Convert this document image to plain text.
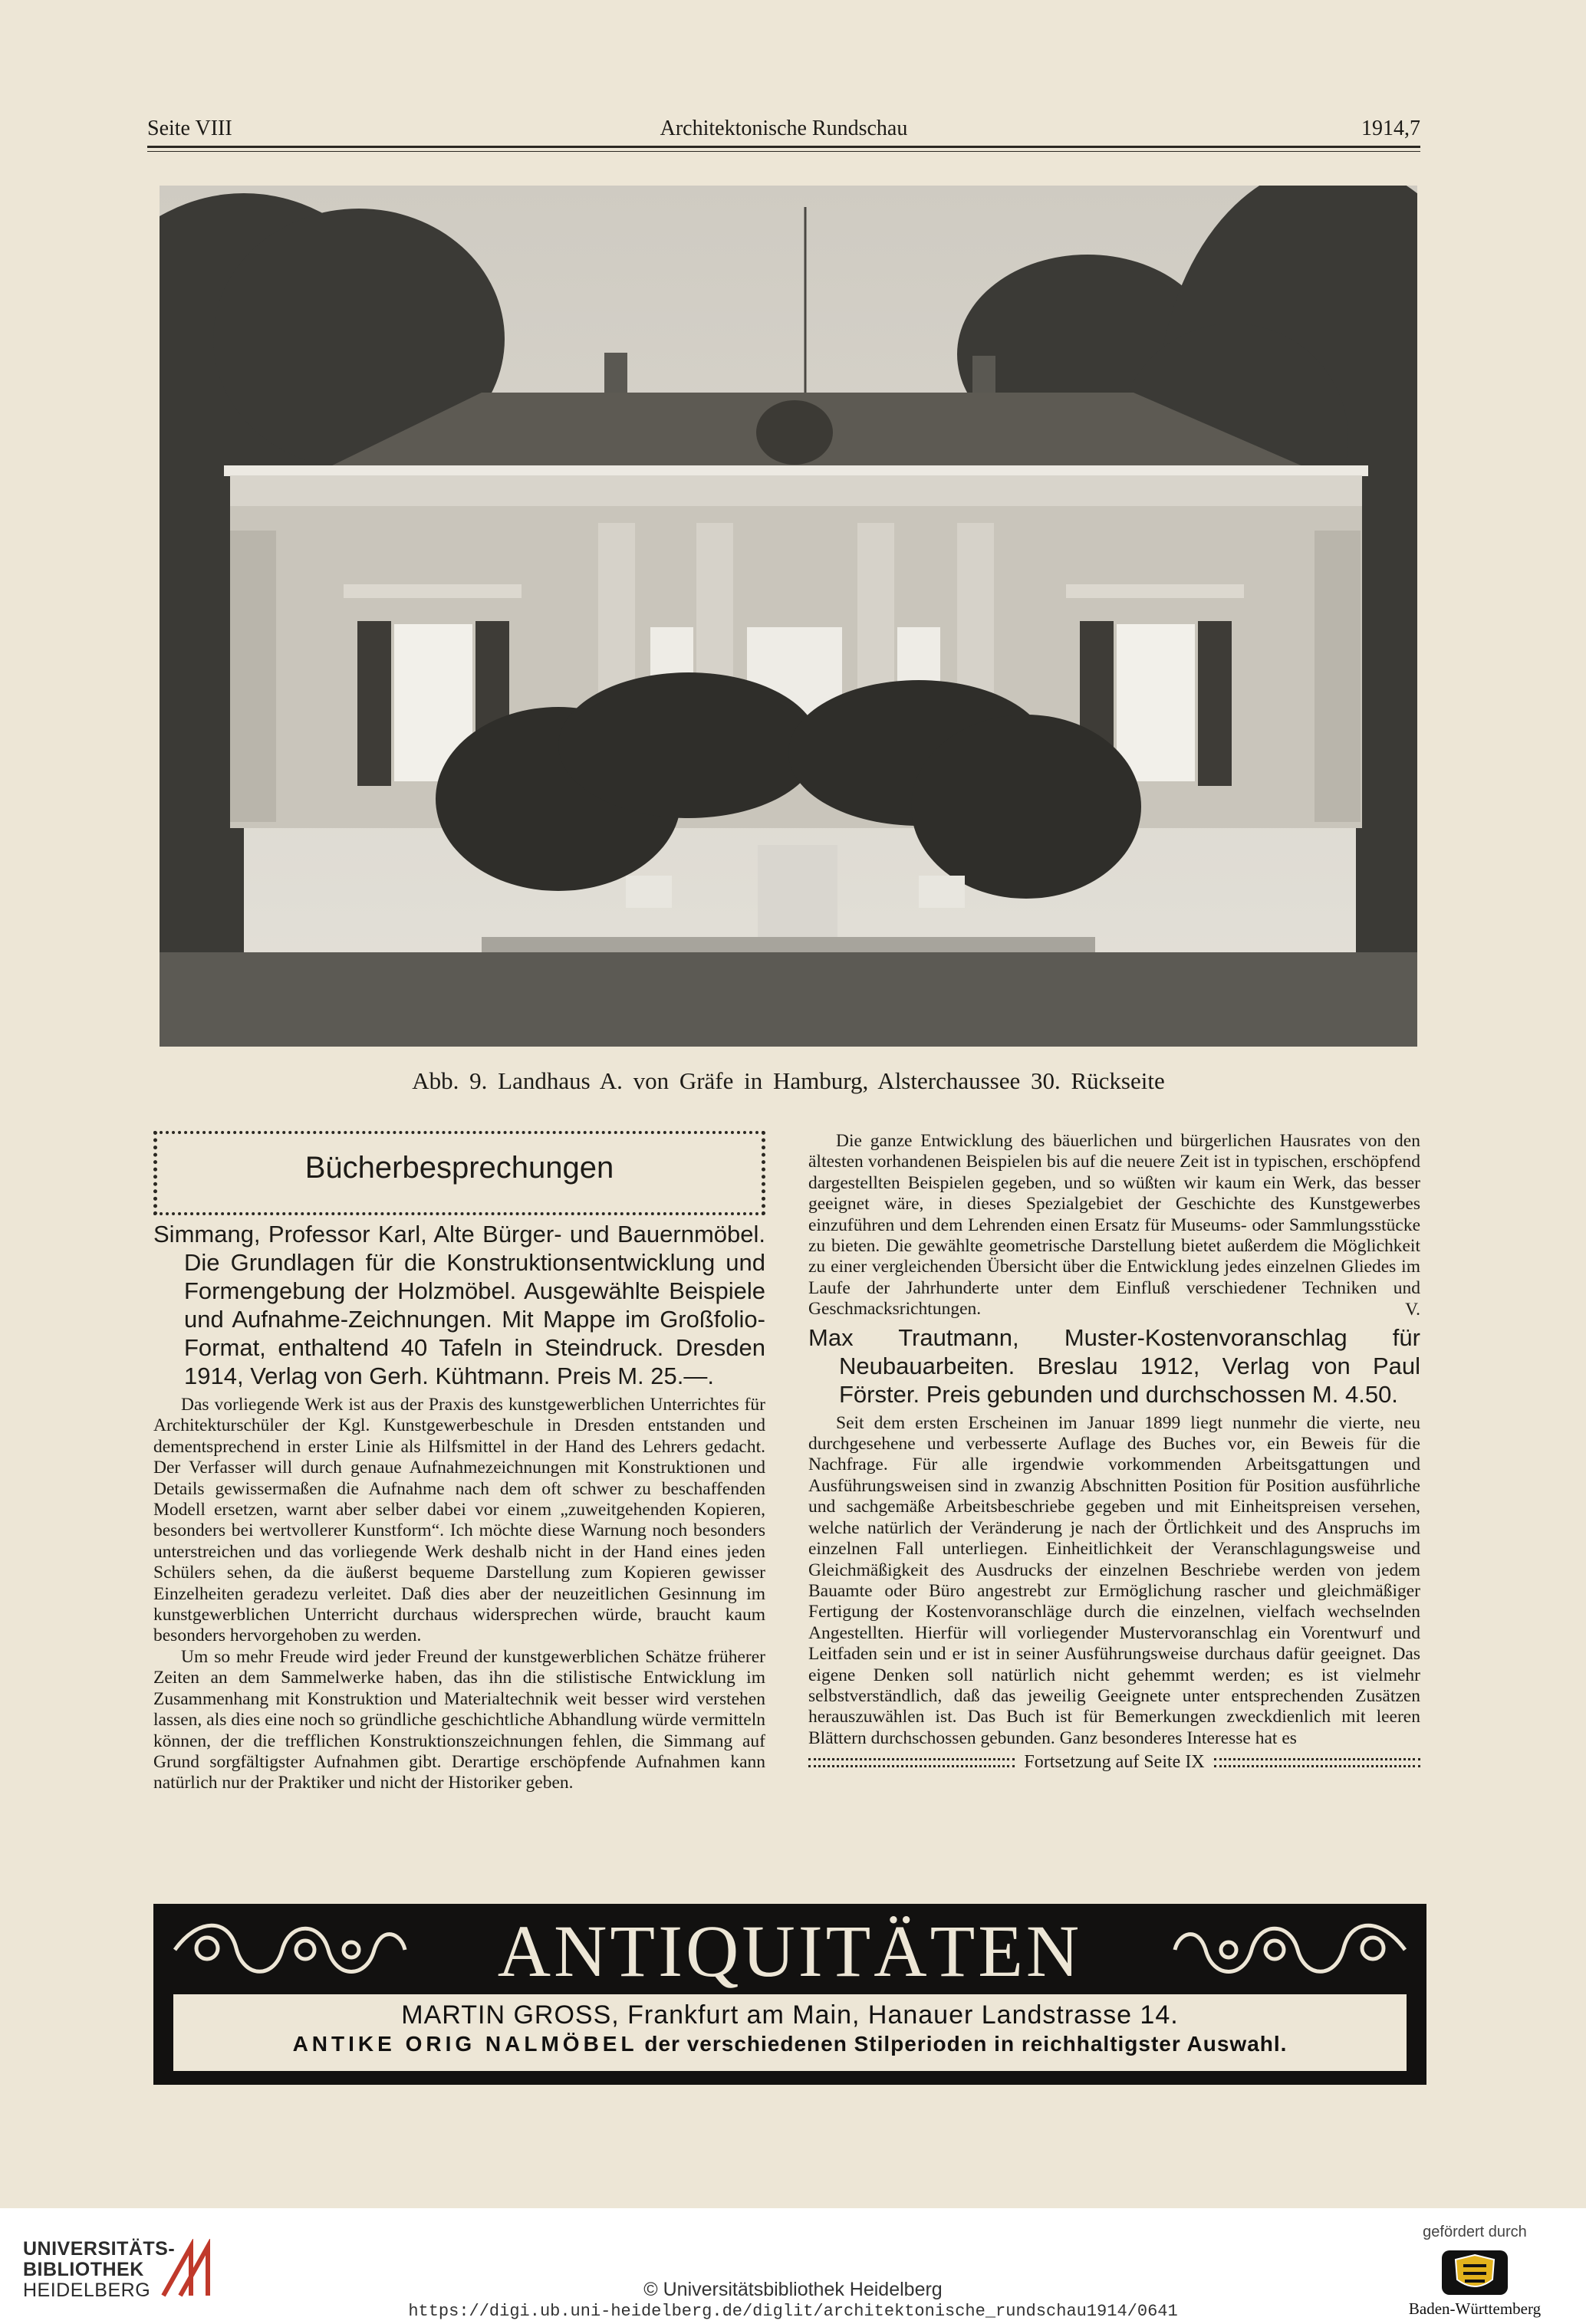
Architektonische Rundschau
Seite VIII	1914,7
Abb. 9. Landhaus A. von Gräfe in Hamburg, Alsterchaussee 30. Rückseite
Bücherbesprechungen
Simmang, Professor Karl, Alte Bürger- und Bauernmöbel. Die Grundlagen für die Konstruktionsentwicklung und Formengebung der Holzmöbel. Ausgewählte Beispiele und Aufnahme-Zeichnungen. Mit Mappe im Großfolio-Format, enthaltend 40 Tafeln in Steindruck. Dresden 1914, Verlag von Gerh. Kühtmann. Preis M. 25.—.

Das vorliegende Werk ist aus der Praxis des kunstgewerblichen Unterrichtes für Architekturschüler der Kgl. Kunstgewerbeschule in Dresden entstanden und dementsprechend in erster Linie als Hilfsmittel in der Hand des Lehrers gedacht. Der Verfasser will durch genaue Aufnahmezeichnungen mit Konstruktionen und Details gewissermaßen die Aufnahme nach dem oft schwer zu beschaffenden Modell ersetzen, warnt aber selber dabei vor einem „zuweitgehenden Kopieren, besonders bei wertvollerer Kunstform“. Ich möchte diese Warnung noch besonders unterstreichen und das vorliegende Werk deshalb nicht in der Hand eines jeden Schülers sehen, da die äußerst bequeme Darstellung zum Kopieren gewisser Einzelheiten geradezu verleitet. Daß dies aber der neuzeitlichen Gesinnung im kunstgewerblichen Unterricht durchaus widersprechen würde, braucht kaum besonders hervorgehoben zu werden.

Um so mehr Freude wird jeder Freund der kunstgewerblichen Schätze früherer Zeiten an dem Sammelwerke haben, das ihn die stilistische Entwicklung im Zusammenhang mit Konstruktion und Materialtechnik weit besser wird verstehen lassen, als dies eine noch so gründliche geschichtliche Abhandlung würde vermitteln können, der die trefflichen Konstruktionszeichnungen fehlen, die Simmang auf Grund sorgfältigster Aufnahmen gibt. Derartige erschöpfende Aufnahmen kann natürlich nur der Praktiker und nicht der Historiker geben.

Die ganze Entwicklung des bäuerlichen und bürgerlichen Hausrates von den ältesten vorhandenen Beispielen bis auf die neuere Zeit ist in typischen, erschöpfend dargestellten Beispielen gegeben, und so wüßten wir kaum ein Werk, das besser geeignet wäre, in dieses Spezialgebiet der Geschichte des Kunstgewerbes einzuführen und dem Lehrenden einen Ersatz für Museums- oder Sammlungsstücke zu bieten. Die gewählte geometrische Darstellung bietet außerdem die Möglichkeit zu einer vergleichenden Übersicht über die Entwicklung jedes einzelnen Gliedes im Laufe der Jahrhunderte unter dem Einfluß verschiedener Techniken und Geschmacksrichtungen.	V.
Max Trautmann, Muster-Kostenvoranschlag für Neubauarbeiten. Breslau 1912, Verlag von Paul Förster. Preis gebunden und durchschossen M. 4.50.

Seit dem ersten Erscheinen im Januar 1899 liegt nunmehr die vierte, neu durchgesehene und verbesserte Auflage des Buches vor, ein Beweis für die Nachfrage. Für alle irgendwie vorkommenden Arbeitsgattungen und Ausführungsweisen sind in zwanzig Abschnitten Position für Position ausführliche und sachgemäße Arbeitsbeschriebe gegeben und mit Einheitspreisen versehen, welche natürlich der Veränderung je nach der Örtlichkeit und des Anspruchs im einzelnen Fall unterliegen. Einheitlichkeit der Veranschlagungsweise und Gleichmäßigkeit des Ausdrucks der einzelnen Beschriebe werden von jedem Bauamte oder Büro angestrebt zur Ermöglichung rascher und gleichmäßiger Fertigung der Kostenvoranschläge durch die einzelnen, vielfach wechselnden Angestellten. Hierfür will vorliegender Mustervoranschlag ein Vorentwurf und Leitfaden sein und er ist in seiner Ausführungsweise durchaus dafür geeignet. Das eigene Denken soll natürlich nicht gehemmt werden; es ist vielmehr selbstverständlich, daß das jeweilig Geeignete unter entsprechenden Zusätzen herauszuwählen ist. Das Buch ist für Bemerkungen zweckdienlich mit leeren Blättern durchschossen gebunden. Ganz besonderes Interesse hat es

Fortsetzung auf Seite IX
ANTIQUITÄTEN
MARTIN GROSS, Frankfurt am Main, Hanauer Landstrasse 14.
ANTIKE ORIG NALMÖBEL der verschiedenen Stilperioden in reichhaltigster Auswahl.
UNIVERSITÄTS-
BIBLIOTHEK
HEIDELBERG	© Universitätsbibliothek Heidelberg
https://digi.ub.uni-heidelberg.de/diglit/architektonische_rundschau1914/0641
gefördert durch
Baden-Württemberg
